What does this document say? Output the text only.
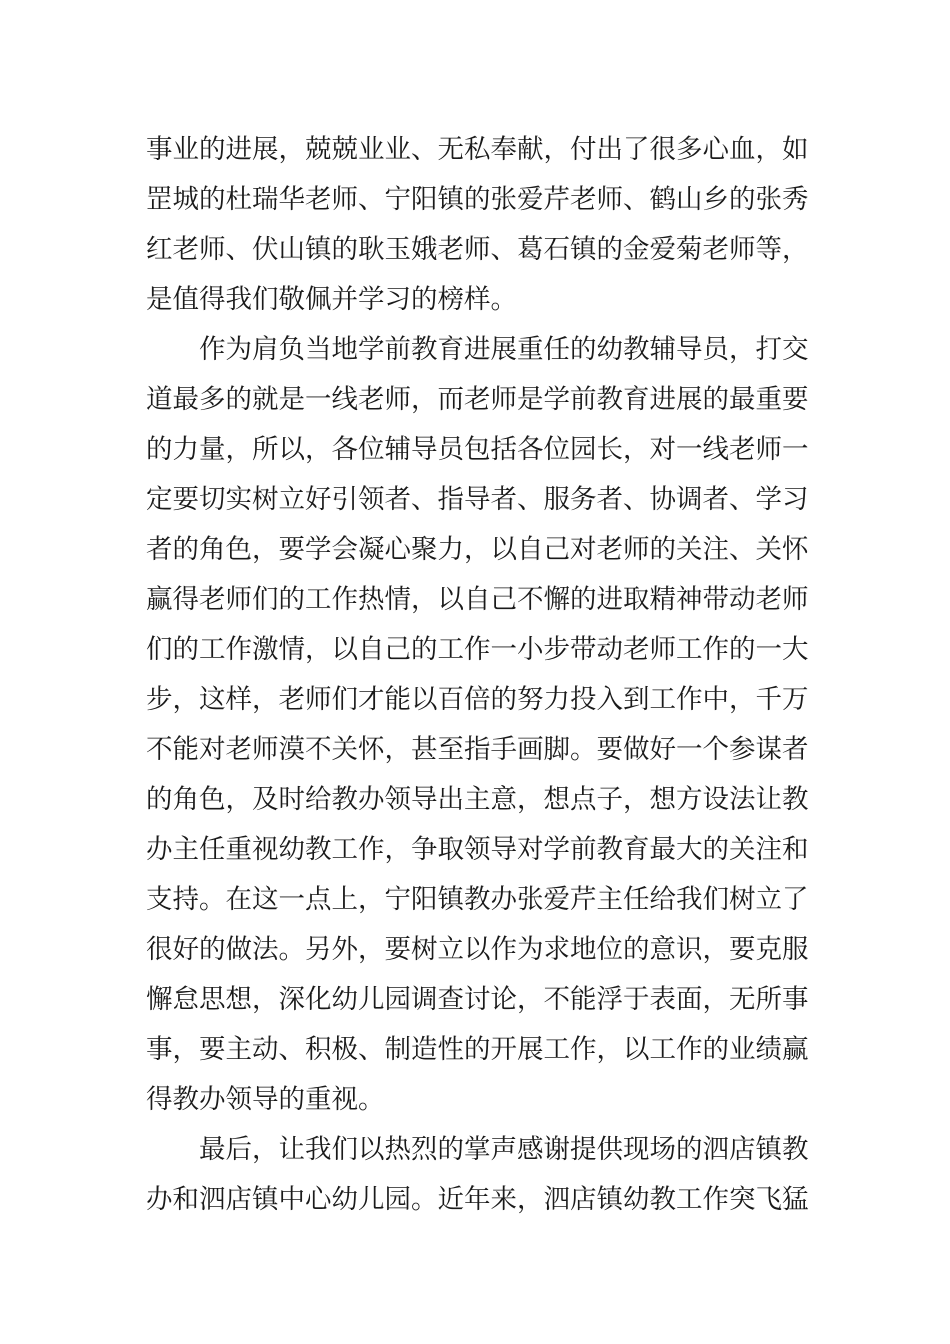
事业的进展，兢兢业业、无私奉献，付出了很多心血，如
罡城的杜瑞华老师、宁阳镇的张爱芹老师、鹤山乡的张秀
红老师、伏山镇的耿玉娥老师、葛石镇的金爱菊老师等，
是值得我们敬佩并学习的榜样。
作为肩负当地学前教育进展重任的幼教辅导员，打交
道最多的就是一线老师，而老师是学前教育进展的最重要
的力量，所以，各位辅导员包括各位园长，对一线老师一
定要切实树立好引领者、指导者、服务者、协调者、学习
者的角色，要学会凝心聚力，以自己对老师的关注、关怀
赢得老师们的工作热情，以自己不懈的进取精神带动老师
们的工作激情，以自己的工作一小步带动老师工作的一大
步，这样，老师们才能以百倍的努力投入到工作中，千万
不能对老师漠不关怀，甚至指手画脚。要做好一个参谋者
的角色，及时给教办领导出主意，想点子，想方设法让教
办主任重视幼教工作，争取领导对学前教育最大的关注和
支持。在这一点上，宁阳镇教办张爱芹主任给我们树立了
很好的做法。另外，要树立以作为求地位的意识，要克服
懈怠思想，深化幼儿园调查讨论，不能浮于表面，无所事
事，要主动、积极、制造性的开展工作，以工作的业绩赢
得教办领导的重视。
最后，让我们以热烈的掌声感谢提供现场的泗店镇教
办和泗店镇中心幼儿园。近年来，泗店镇幼教工作突飞猛
